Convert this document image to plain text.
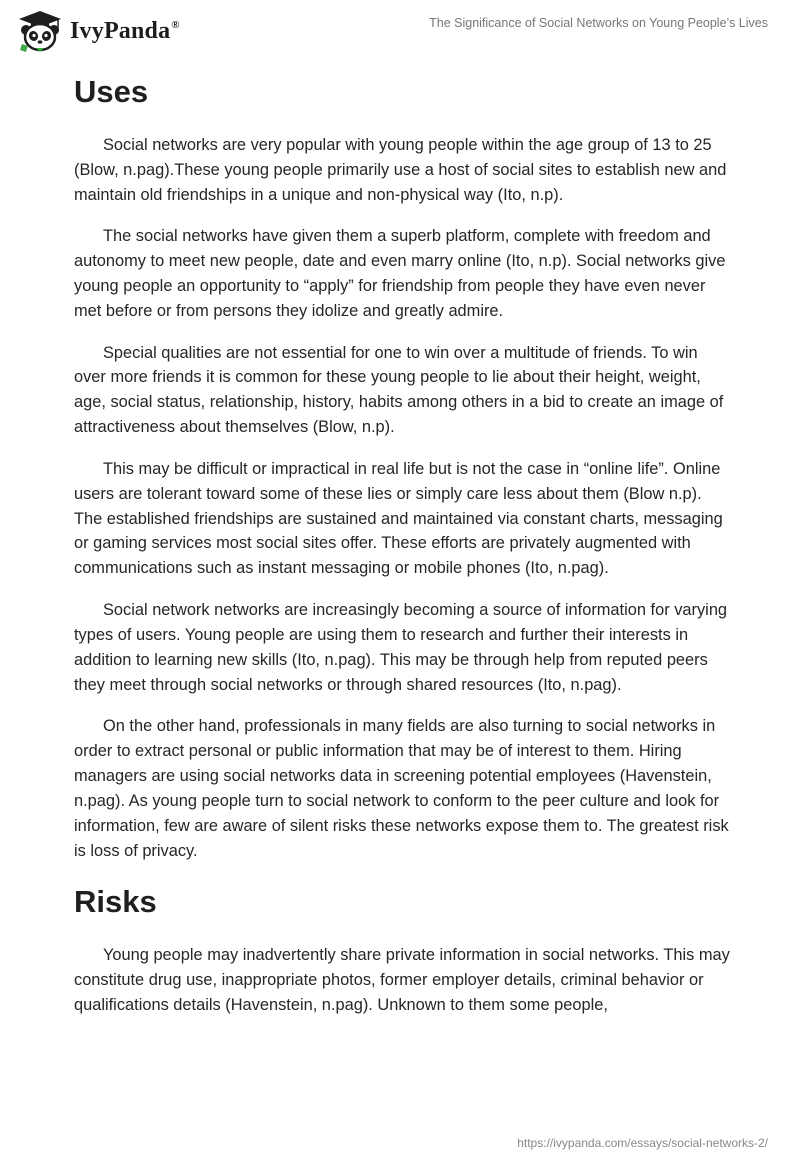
IvyPanda®	The Significance of Social Networks on Young People’s Lives
Uses

Social networks are very popular with young people within the age group of 13 to 25 (Blow, n.pag).These young people primarily use a host of social sites to establish new and maintain old friendships in a unique and non-physical way (Ito, n.p).

The social networks have given them a superb platform, complete with freedom and autonomy to meet new people, date and even marry online (Ito, n.p). Social networks give young people an opportunity to “apply” for friendship from people they have even never met before or from persons they idolize and greatly admire.

Special qualities are not essential for one to win over a multitude of friends. To win over more friends it is common for these young people to lie about their height, weight, age, social status, relationship, history, habits among others in a bid to create an image of attractiveness about themselves (Blow, n.p).

This may be difficult or impractical in real life but is not the case in “online life”. Online users are tolerant toward some of these lies or simply care less about them (Blow n.p). The established friendships are sustained and maintained via constant charts, messaging or gaming services most social sites offer. These efforts are privately augmented with communications such as instant messaging or mobile phones (Ito, n.pag).

Social network networks are increasingly becoming a source of information for varying types of users. Young people are using them to research and further their interests in addition to learning new skills (Ito, n.pag). This may be through help from reputed peers they meet through social networks or through shared resources (Ito, n.pag).

On the other hand, professionals in many fields are also turning to social networks in order to extract personal or public information that may be of interest to them. Hiring managers are using social networks data in screening potential employees (Havenstein, n.pag). As young people turn to social network to conform to the peer culture and look for information, few are aware of silent risks these networks expose them to. The greatest risk is loss of privacy.

Risks

Young people may inadvertently share private information in social networks. This may constitute drug use, inappropriate photos, former employer details, criminal behavior or qualifications details (Havenstein, n.pag). Unknown to them some people,

https://ivypanda.com/essays/social-networks-2/
